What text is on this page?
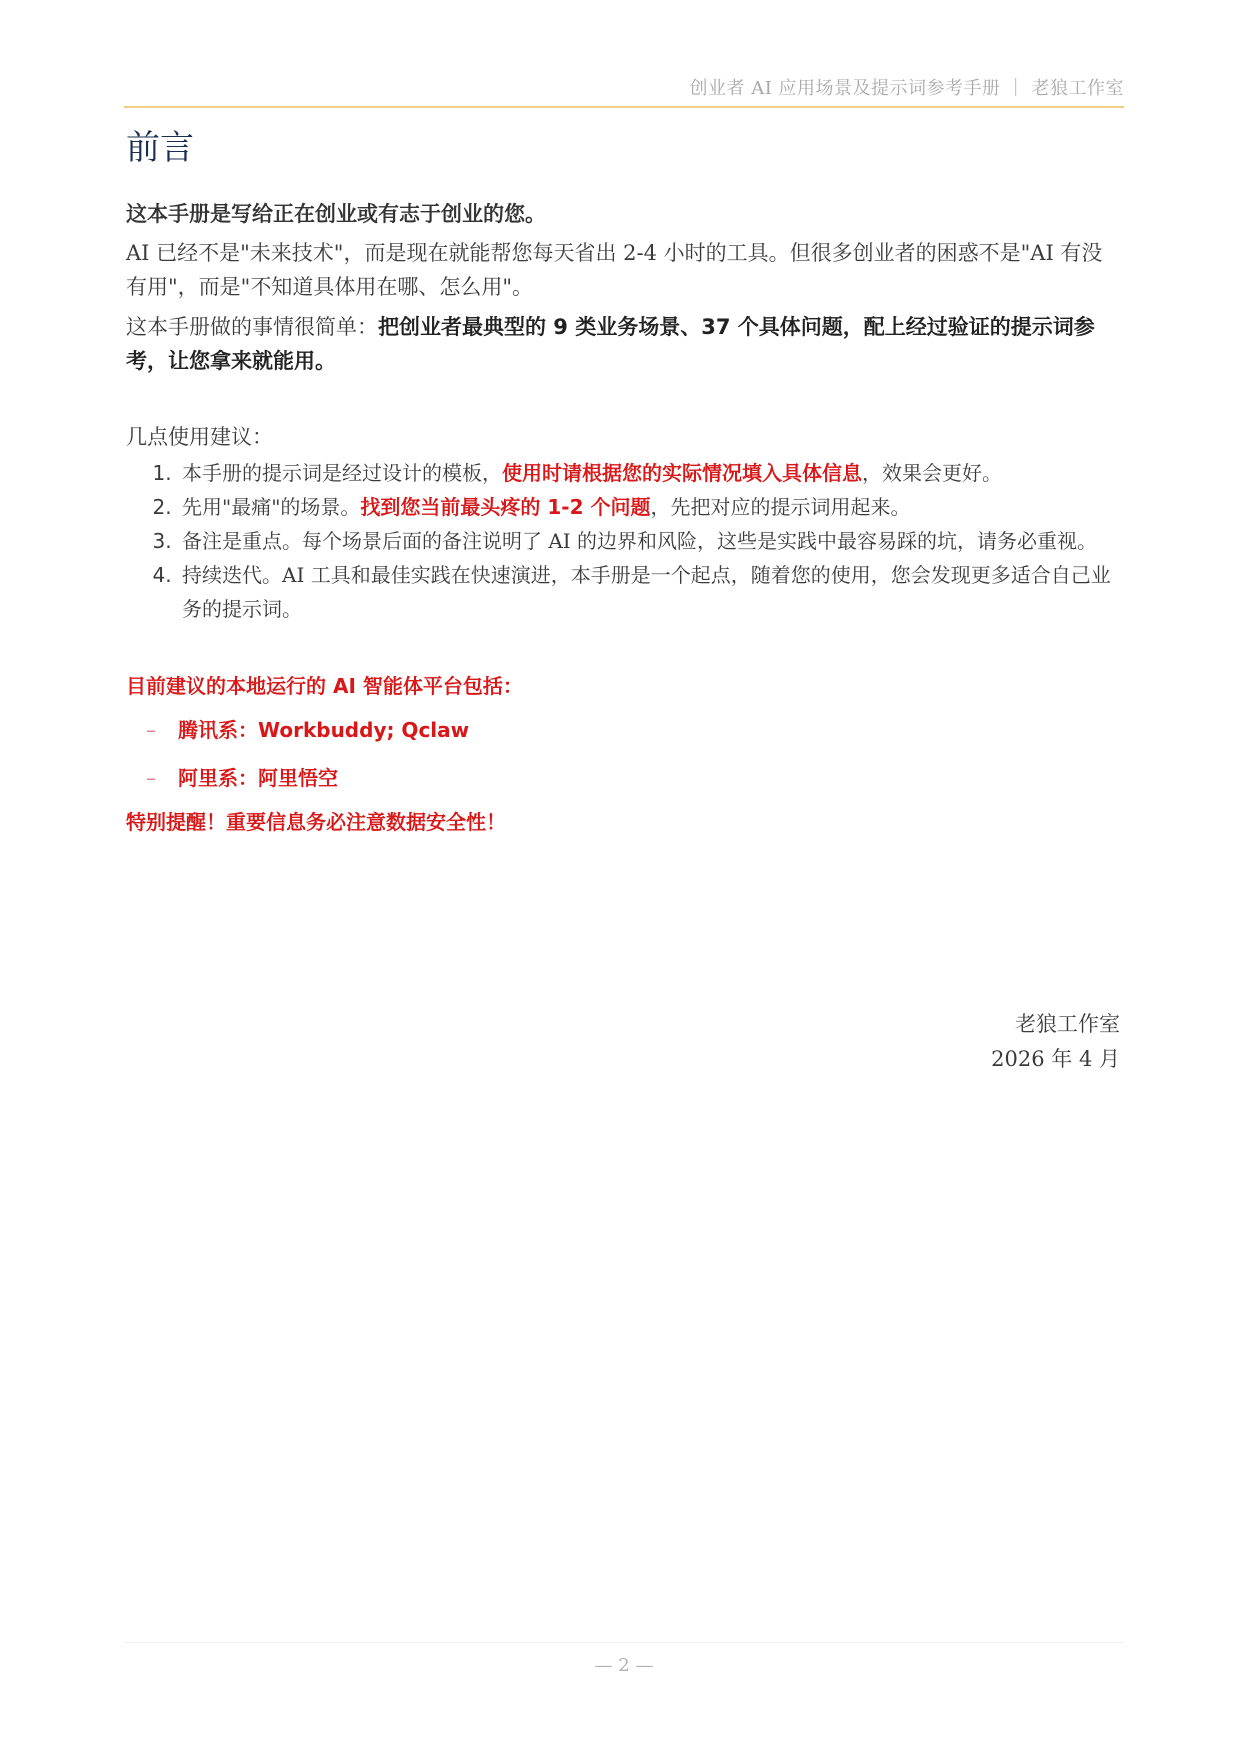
创业者 AI 应用场景及提示词参考手册 ｜ 老狼工作室
前言

这本手册是写给正在创业或有志于创业的您。

AI 已经不是"未来技术"，而是现在就能帮您每天省出 2-4 小时的工具。但很多创业者的困惑不是"AI 有没有用"，而是"不知道具体用在哪、怎么用"。

这本手册做的事情很简单：把创业者最典型的 9 类业务场景、37 个具体问题，配上经过验证的提示词参考，让您拿来就能用。

几点使用建议：

1. 本手册的提示词是经过设计的模板，使用时请根据您的实际情况填入具体信息，效果会更好。
2. 先用"最痛"的场景。找到您当前最头疼的 1-2 个问题，先把对应的提示词用起来。
3. 备注是重点。每个场景后面的备注说明了 AI 的边界和风险，这些是实践中最容易踩的坑，请务必重视。
4. 持续迭代。AI 工具和最佳实践在快速演进，本手册是一个起点，随着您的使用，您会发现更多适合自己业务的提示词。

目前建议的本地运行的 AI 智能体平台包括：

– 腾讯系：Workbuddy; Qclaw
– 阿里系：阿里悟空

特别提醒！重要信息务必注意数据安全性！

老狼工作室
2026 年 4 月
— 2 —
